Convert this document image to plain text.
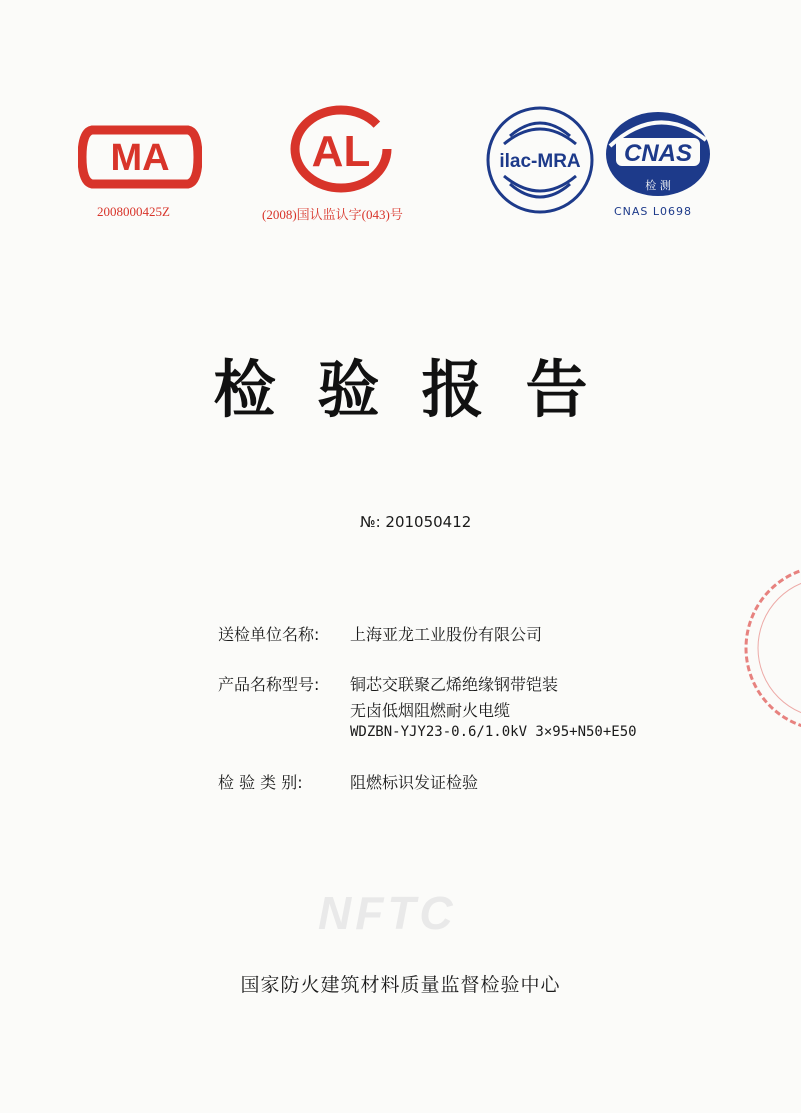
MA
2008000425Z
AL
(2008)国认监认字(043)号
ilac-MRA CNAS
检 测
CNAS L0698
检验报告
№: 201050412
送检单位名称: 上海亚龙工业股份有限公司
产品名称型号: 铜芯交联聚乙烯绝缘钢带铠装
无卤低烟阻燃耐火电缆
WDZBN-YJY23-0.6/1.0kV 3×95+N50+E50
检 验 类 别:	阻燃标识发证检验
NFTC
国家防火建筑材料质量监督检验中心
